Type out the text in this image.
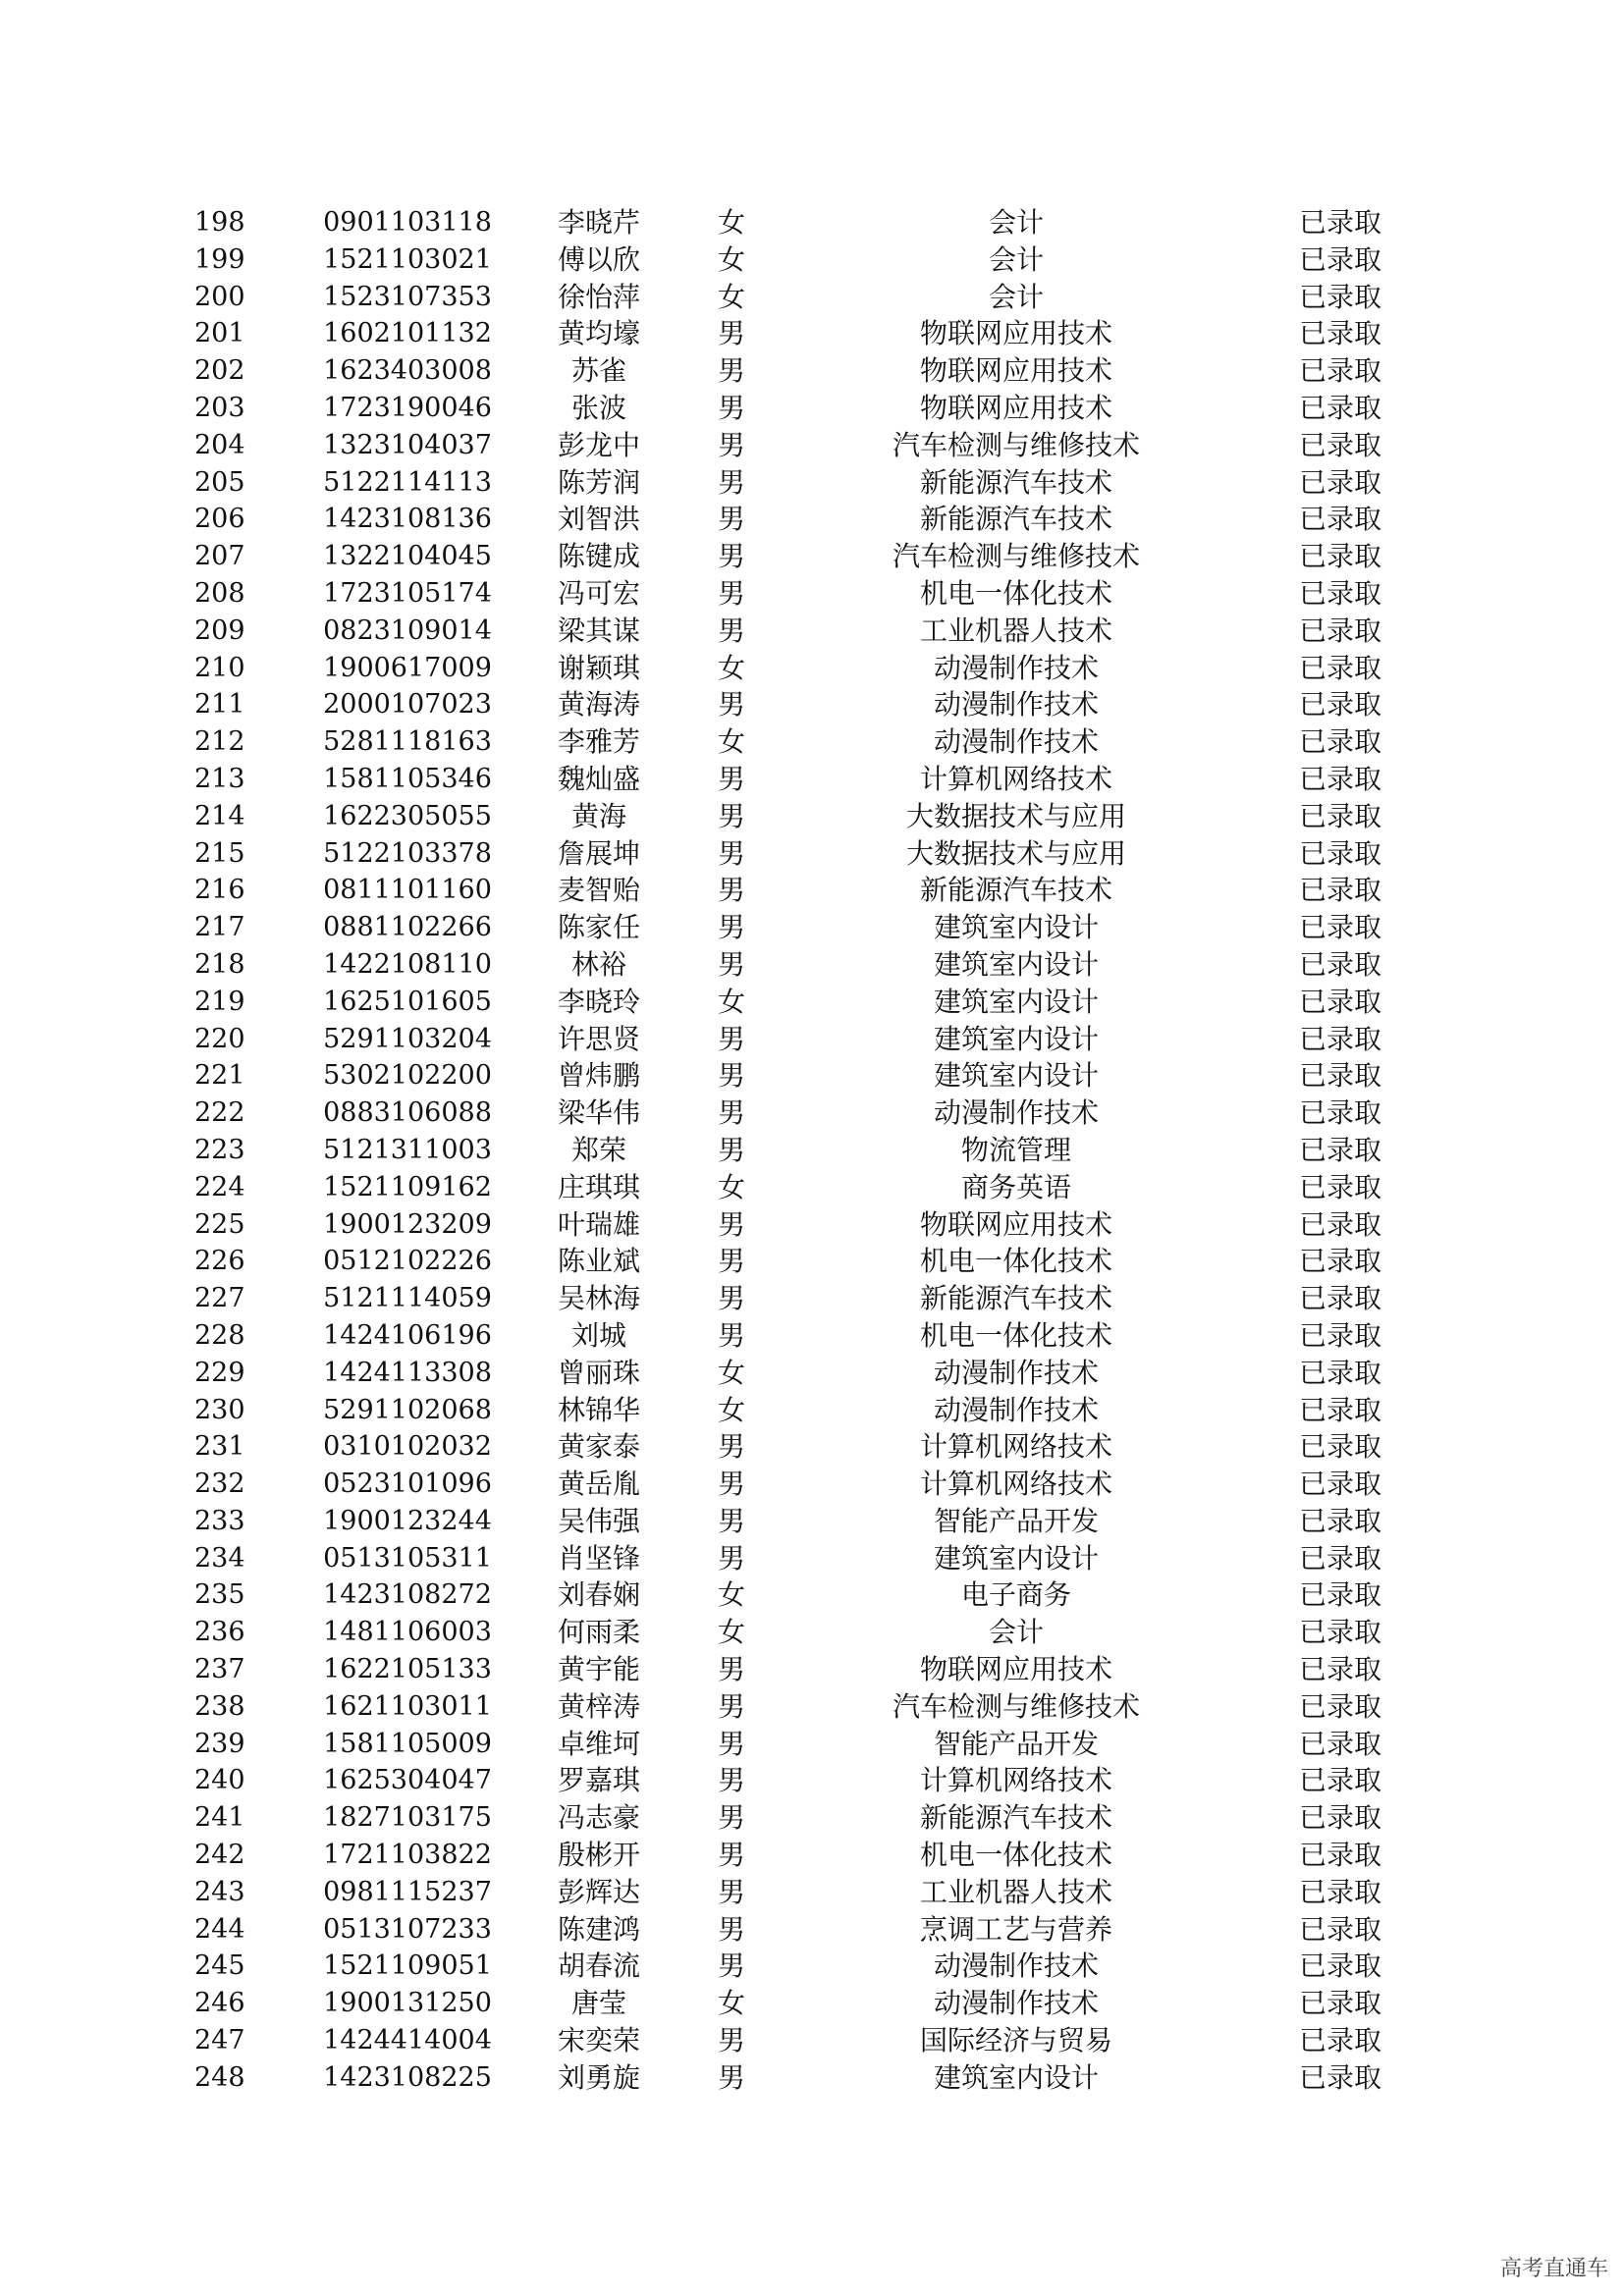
198	0901103118	李晓芹	女	会计	已录取
199	1521103021	傅以欣	女	会计	已录取
200	1523107353	徐怡萍	女	会计	已录取
201	1602101132	黄均壕	男	物联网应用技术	已录取
202	1623403008	苏雀	男	物联网应用技术	已录取
203	1723190046	张波	男	物联网应用技术	已录取
204	1323104037	彭龙中	男	汽车检测与维修技术	已录取
205	5122114113	陈芳润	男	新能源汽车技术	已录取
206	1423108136	刘智洪	男	新能源汽车技术	已录取
207	1322104045	陈键成	男	汽车检测与维修技术	已录取
208	1723105174	冯可宏	男	机电一体化技术	已录取
209	0823109014	梁其谋	男	工业机器人技术	已录取
210	1900617009	谢颖琪	女	动漫制作技术	已录取
211	2000107023	黄海涛	男	动漫制作技术	已录取
212	5281118163	李雅芳	女	动漫制作技术	已录取
213	1581105346	魏灿盛	男	计算机网络技术	已录取
214	1622305055	黄海	男	大数据技术与应用	已录取
215	5122103378	詹展坤	男	大数据技术与应用	已录取
216	0811101160	麦智贻	男	新能源汽车技术	已录取
217	0881102266	陈家任	男	建筑室内设计	已录取
218	1422108110	林裕	男	建筑室内设计	已录取
219	1625101605	李晓玲	女	建筑室内设计	已录取
220	5291103204	许思贤	男	建筑室内设计	已录取
221	5302102200	曾炜鹏	男	建筑室内设计	已录取
222	0883106088	梁华伟	男	动漫制作技术	已录取
223	5121311003	郑荣	男	物流管理	已录取
224	1521109162	庄琪琪	女	商务英语	已录取
225	1900123209	叶瑞雄	男	物联网应用技术	已录取
226	0512102226	陈业斌	男	机电一体化技术	已录取
227	5121114059	吴林海	男	新能源汽车技术	已录取
228	1424106196	刘城	男	机电一体化技术	已录取
229	1424113308	曾丽珠	女	动漫制作技术	已录取
230	5291102068	林锦华	女	动漫制作技术	已录取
231	0310102032	黄家泰	男	计算机网络技术	已录取
232	0523101096	黄岳胤	男	计算机网络技术	已录取
233	1900123244	吴伟强	男	智能产品开发	已录取
234	0513105311	肖坚锋	男	建筑室内设计	已录取
235	1423108272	刘春娴	女	电子商务	已录取
236	1481106003	何雨柔	女	会计	已录取
237	1622105133	黄宇能	男	物联网应用技术	已录取
238	1621103011	黄梓涛	男	汽车检测与维修技术	已录取
239	1581105009	卓维坷	男	智能产品开发	已录取
240	1625304047	罗嘉琪	男	计算机网络技术	已录取
241	1827103175	冯志豪	男	新能源汽车技术	已录取
242	1721103822	殷彬开	男	机电一体化技术	已录取
243	0981115237	彭辉达	男	工业机器人技术	已录取
244	0513107233	陈建鸿	男	烹调工艺与营养	已录取
245	1521109051	胡春流	男	动漫制作技术	已录取
246	1900131250	唐莹	女	动漫制作技术	已录取
247	1424414004	宋奕荣	男	国际经济与贸易	已录取
248	1423108225	刘勇旋	男	建筑室内设计	已录取
高考直通车
